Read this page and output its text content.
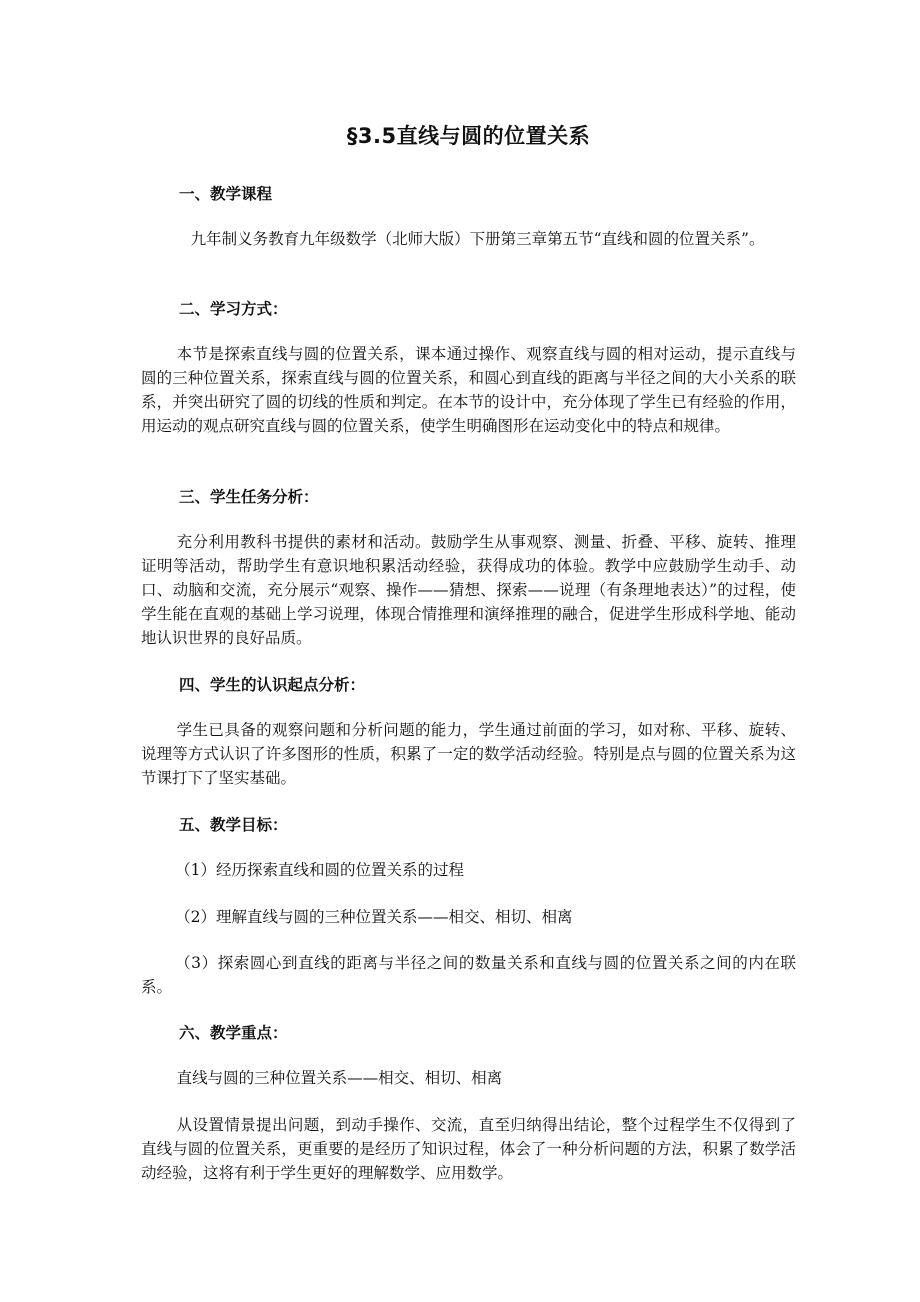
§3.5直线与圆的位置关系
一、教学课程

九年制义务教育九年级数学（北师大版）下册第三章第五节“直线和圆的位置关系”。

二、学习方式：

本节是探索直线与圆的位置关系，课本通过操作、观察直线与圆的相对运动，提示直线与圆的三种位置关系，探索直线与圆的位置关系，和圆心到直线的距离与半径之间的大小关系的联系，并突出研究了圆的切线的性质和判定。在本节的设计中，充分体现了学生已有经验的作用，用运动的观点研究直线与圆的位置关系，使学生明确图形在运动变化中的特点和规律。

三、学生任务分析：

充分利用教科书提供的素材和活动。鼓励学生从事观察、测量、折叠、平移、旋转、推理证明等活动，帮助学生有意识地积累活动经验，获得成功的体验。教学中应鼓励学生动手、动口、动脑和交流，充分展示“观察、操作——猜想、探索——说理（有条理地表达）”的过程，使学生能在直观的基础上学习说理，体现合情推理和演绎推理的融合，促进学生形成科学地、能动地认识世界的良好品质。

四、学生的认识起点分析：

学生已具备的观察问题和分析问题的能力，学生通过前面的学习，如对称、平移、旋转、说理等方式认识了许多图形的性质，积累了一定的数学活动经验。特别是点与圆的位置关系为这节课打下了坚实基础。

五、教学目标：

（1）经历探索直线和圆的位置关系的过程

（2）理解直线与圆的三种位置关系——相交、相切、相离

（3）探索圆心到直线的距离与半径之间的数量关系和直线与圆的位置关系之间的内在联系。

六、教学重点：

直线与圆的三种位置关系——相交、相切、相离

从设置情景提出问题，到动手操作、交流，直至归纳得出结论，整个过程学生不仅得到了直线与圆的位置关系，更重要的是经历了知识过程，体会了一种分析问题的方法，积累了数学活动经验，这将有利于学生更好的理解数学、应用数学。
